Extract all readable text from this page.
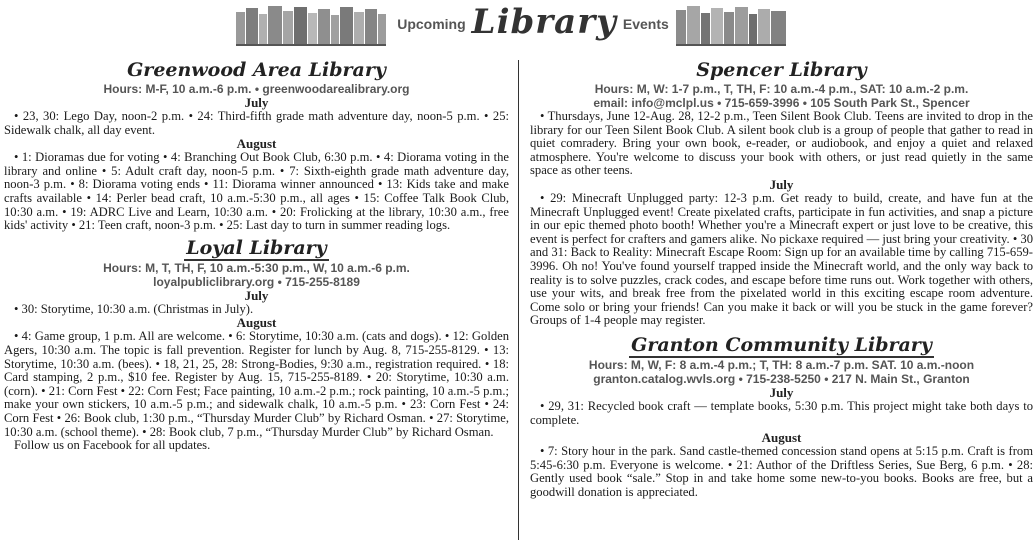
Upcoming Library Events
Greenwood Area Library
Hours: M-F, 10 a.m.-6 p.m. • greenwoodarealibrary.org
July

• 23, 30: Lego Day, noon-2 p.m. • 24: Third-fifth grade math adventure day, noon-5 p.m. • 25: Sidewalk chalk, all day event.

August

• 1: Dioramas due for voting • 4: Branching Out Book Club, 6:30 p.m. • 4: Diorama voting in the library and online • 5: Adult craft day, noon-5 p.m. • 7: Sixth-eighth grade math adventure day, noon-3 p.m. • 8: Diorama voting ends • 11: Diorama winner announced • 13: Kids take and make crafts available • 14: Perler bead craft, 10 a.m.-5:30 p.m., all ages • 15: Coffee Talk Book Club, 10:30 a.m. • 19: ADRC Live and Learn, 10:30 a.m. • 20: Frolicking at the library, 10:30 a.m., free kids' activity • 21: Teen craft, noon-3 p.m. • 25: Last day to turn in summer reading logs.

Loyal Library
Hours: M, T, TH, F, 10 a.m.-5:30 p.m., W, 10 a.m.-6 p.m.
loyalpubliclibrary.org • 715-255-8189
July

• 30: Storytime, 10:30 a.m. (Christmas in July).

August

• 4: Game group, 1 p.m. All are welcome. • 6: Storytime, 10:30 a.m. (cats and dogs). • 12: Golden Agers, 10:30 a.m. The topic is fall prevention. Register for lunch by Aug. 8, 715-255-8129. • 13: Storytime, 10:30 a.m. (bees). • 18, 21, 25, 28: Strong-Bodies, 9:30 a.m., registration required. • 18: Card stamping, 2 p.m., $10 fee. Register by Aug. 15, 715-255-8189. • 20: Storytime, 10:30 a.m. (corn). • 21: Corn Fest • 22: Corn Fest; Face painting, 10 a.m.-2 p.m.; rock painting, 10 a.m.-5 p.m.; make your own stickers, 10 a.m.-5 p.m.; and sidewalk chalk, 10 a.m.-5 p.m. • 23: Corn Fest • 24: Corn Fest • 26: Book club, 1:30 p.m., “Thursday Murder Club” by Richard Osman. • 27: Storytime, 10:30 a.m. (school theme). • 28: Book club, 7 p.m., “Thursday Murder Club” by Richard Osman.

Follow us on Facebook for all updates.

Spencer Library
Hours: M, W: 1-7 p.m., T, TH, F: 10 a.m.-4 p.m., SAT: 10 a.m.-2 p.m.
email: info@mclpl.us • 715-659-3996 • 105 South Park St., Spencer

• Thursdays, June 12-Aug. 28, 12-2 p.m., Teen Silent Book Club. Teens are invited to drop in the library for our Teen Silent Book Club. A silent book club is a group of people that gather to read in quiet comradery. Bring your own book, e-reader, or audiobook, and enjoy a quiet and relaxed atmosphere. You're welcome to discuss your book with others, or just read quietly in the same space as other teens.

July

• 29: Minecraft Unplugged party: 12-3 p.m. Get ready to build, create, and have fun at the Minecraft Unplugged event! Create pixelated crafts, participate in fun activities, and snap a picture in our epic themed photo booth! Whether you're a Minecraft expert or just love to be creative, this event is perfect for crafters and gamers alike. No pickaxe required — just bring your creativity. • 30 and 31: Back to Reality: Minecraft Escape Room: Sign up for an available time by calling 715-659-3996. Oh no! You've found yourself trapped inside the Minecraft world, and the only way back to reality is to solve puzzles, crack codes, and escape before time runs out. Work together with others, use your wits, and break free from the pixelated world in this exciting escape room adventure. Come solo or bring your friends! Can you make it back or will you be stuck in the game forever? Groups of 1-4 people may register.

Granton Community Library
Hours: M, W, F: 8 a.m.-4 p.m.; T, TH: 8 a.m.-7 p.m. SAT. 10 a.m.-noon
granton.catalog.wvls.org • 715-238-5250 • 217 N. Main St., Granton
July

• 29, 31: Recycled book craft — template books, 5:30 p.m. This project might take both days to complete.

August

• 7: Story hour in the park. Sand castle-themed concession stand opens at 5:15 p.m. Craft is from 5:45-6:30 p.m. Everyone is welcome. • 21: Author of the Driftless Series, Sue Berg, 6 p.m. • 28: Gently used book “sale.” Stop in and take home some new-to-you books. Books are free, but a goodwill donation is appreciated.
